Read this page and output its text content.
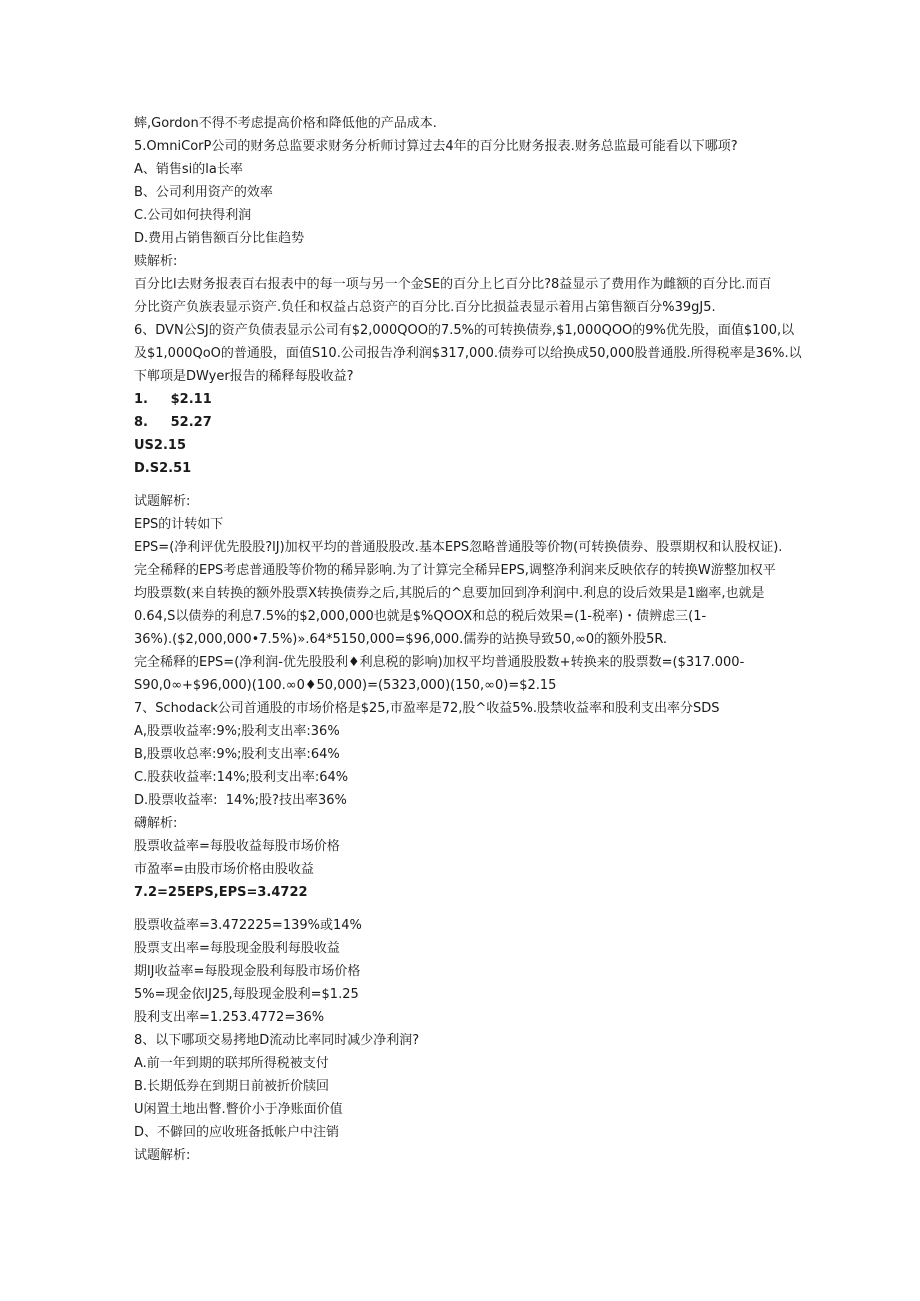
蟀,Gordon不得不考虑提高价格和降低他的产品成本.
5.OmniCorP公司的财务总监要求财务分析师讨算过去4年的百分比财务报表.财务总监最可能看以下哪项?
A、销售si的la长率
B、公司利用资产的效率
C.公司如何抉得利润
D.费用占销售额百分比隹趋势
赎解析:
百分比l去财务报表百右报表中的每一项与另一个金SE的百分上匕百分比?8益显示了费用作为雌额的百分比.而百
分比资产负族表显示资产.负任和权益占总资产的百分比.百分比损益表显示着用占第售额百分%39gJ5.
6、DVN公SJ的资产负债表显示公司有$2,000QOO的7.5%的可转换债券,$1,000QOO的9%优先股，面值$100,以
及$1,000QoO的普通股，面值S10.公司报告净利润$317,000.债券可以给换成50,000股普通股.所得税率是36%.以
下郸项是DWyer报告的稀释每股收益?
1.     $2.11
8.     52.27
US2.15
D.S2.51
试题解析:
EPS的计转如下
EPS=(净利评优先股股?lJ)加权平均的普通股股改.基本EPS忽略普通股等价物(可转换债券、股票期权和认股权证).
完全稀释的EPS考虑普通股等价物的稀异影响.为了计算完全稀异EPS,调整净利润来反映依存的转换W游整加权平
均股票数(来自转换的额外股票X转换债券之后,其脱后的^息要加回到净利润中.利息的设后效果是1幽率,也就是
0.64,S以债券的利息7.5%的$2,000,000也就是$%QOOX和总的税后效果=(1-税率)・债辨虑三(1-
36%).($2,000,000•7.5%)».64*5150,000=$96,000.儒券的站换导致50,∞0的额外股5R.
完全稀释的EPS=(净利润-优先股股利♦利息税的影响)加权平均普通股股数+转换来的股票数=($317.000-
S90,0∞+$96,000)(100.∞0♦50,000)=(5323,000)(150,∞0)=$2.15
7、Schodack公司首通股的市场价格是$25,市盈率是72,股^收益5%.股禁收益率和股利支出率分SDS
A,股票收益率:9%;股利支出率:36%
B,股票收总率:9%;股利支出率:64%
C.股获收益率:14%;股利支出率:64%
D.股票收益率:  14%;股?技出率36%
礴解析:
股票收益率=每股收益每股市场价格
市盈率=由股市场价格由股收益
7.2=25EPS,EPS=3.4722
股票收益率=3.472225=139%或14%
股票支出率=每股现金股利每股收益
期lJ收益率=每股现金股利每股市场价格
5%=现金依lJ25,每股现金股利=$1.25
股利支出率=1.253.4772=36%
8、以下哪项交易拷地D流动比率同时减少净利润?
A.前一年到期的联邦所得税被支付
B.长期低券在到期日前被折价牍回
U闲置土地出瞥.瞥价小于净账面价值
D、不僻回的应收班备抵帐户中注销
试题解析:
